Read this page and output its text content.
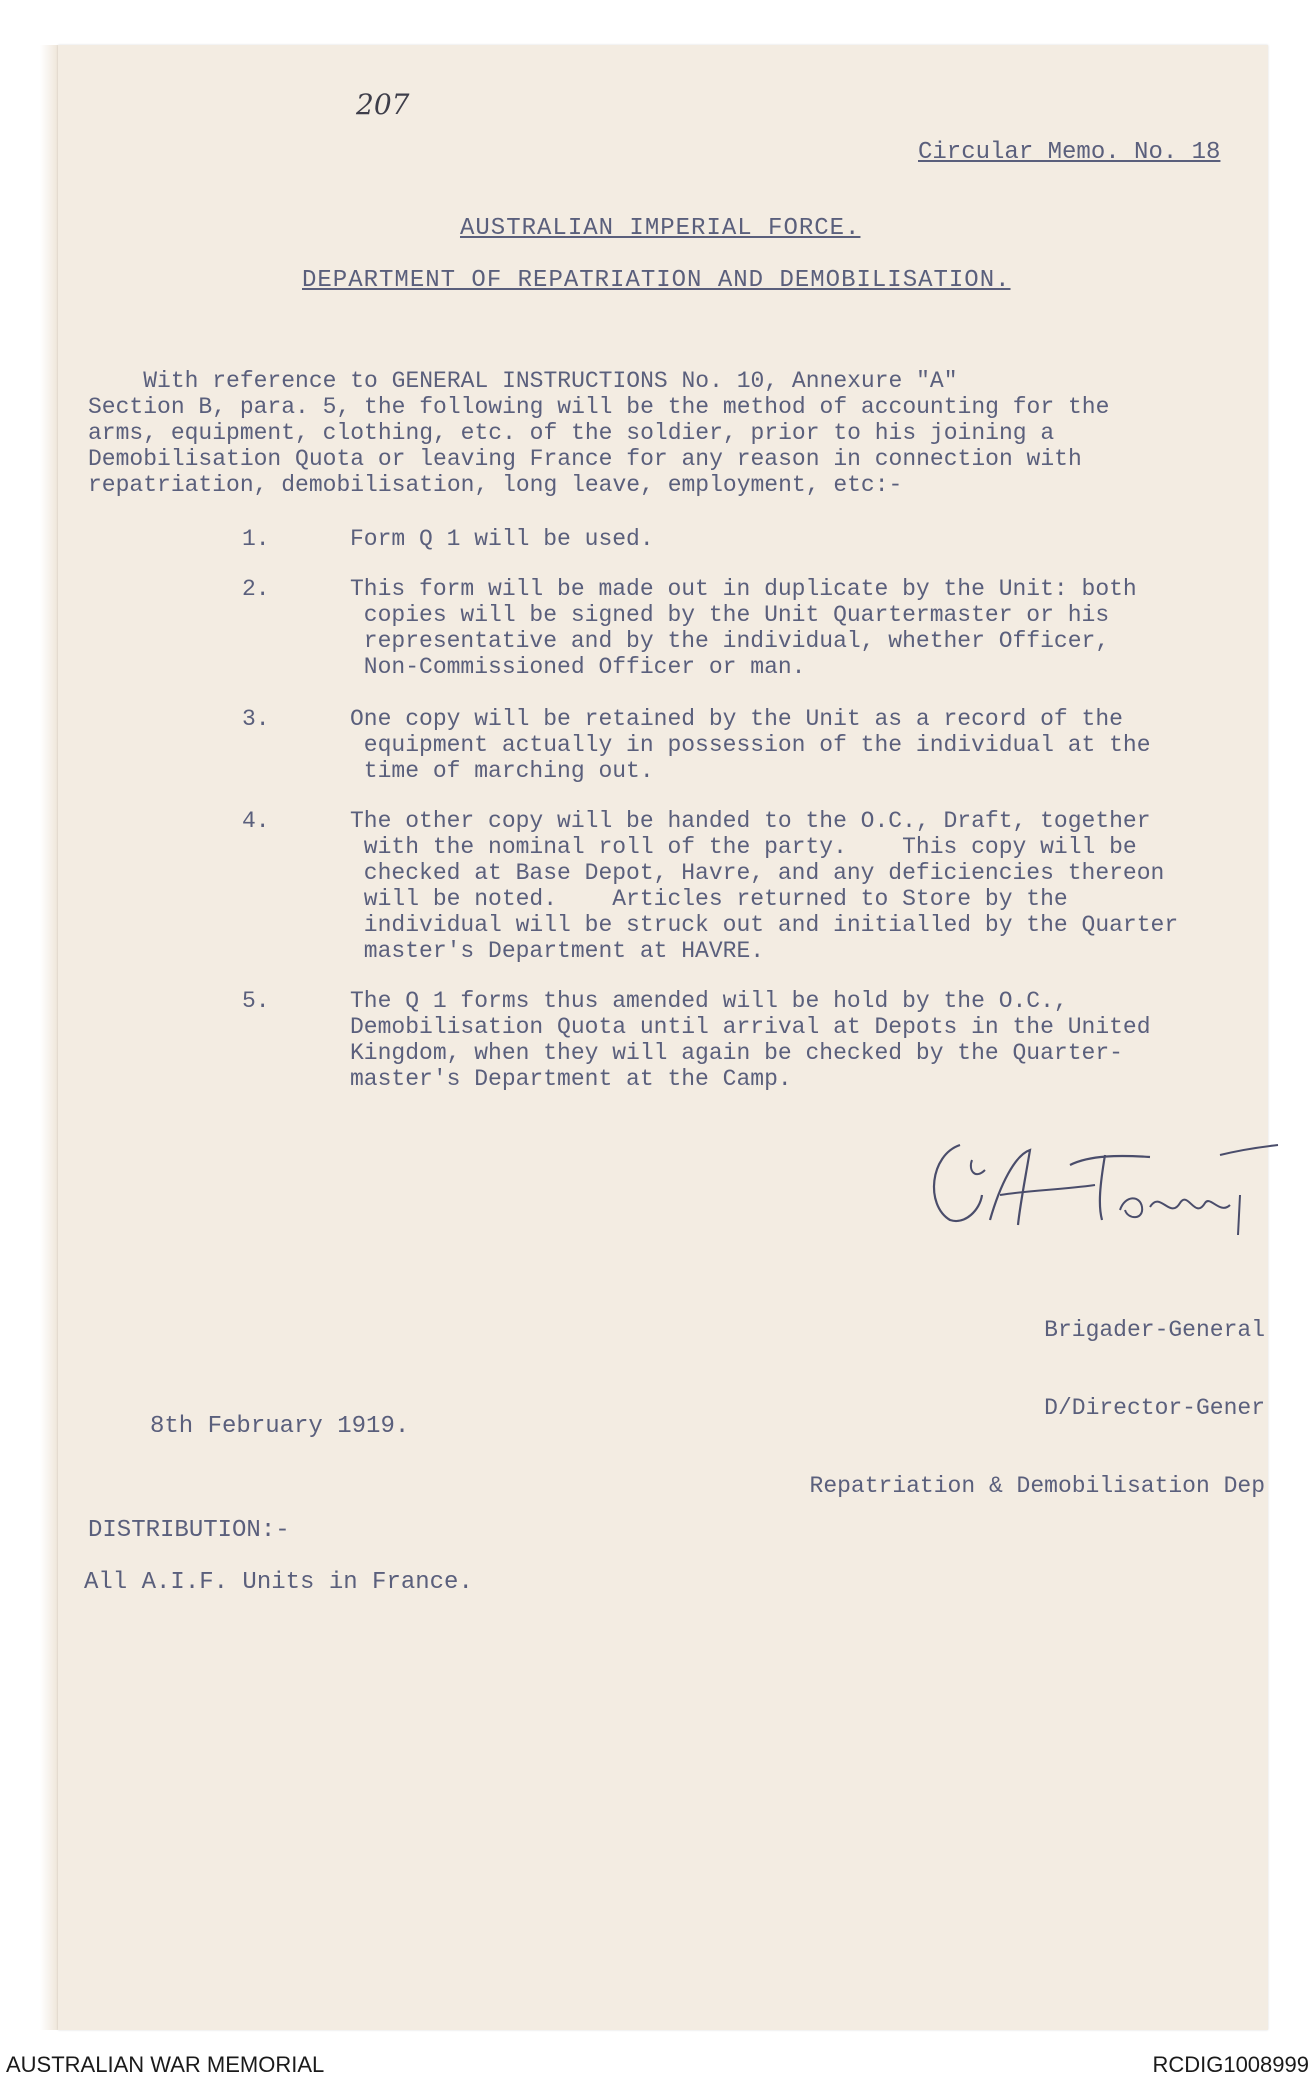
207
Circular Memo. No. 18
AUSTRALIAN IMPERIAL FORCE.
DEPARTMENT OF REPATRIATION AND DEMOBILISATION.
With reference to GENERAL INSTRUCTIONS No. 10, Annexure "A"
Section B, para. 5, the following will be the method of accounting for the
arms, equipment, clothing, etc. of the soldier, prior to his joining a
Demobilisation Quota or leaving France for any reason in connection with
repatriation, demobilisation, long leave, employment, etc:-
1.	Form Q 1 will be used.
2.	This form will be made out in duplicate by the Unit: both
copies will be signed by the Unit Quartermaster or his
representative and by the individual, whether Officer,
Non-Commissioned Officer or man.
3.	One copy will be retained by the Unit as a record of the
equipment actually in possession of the individual at the
time of marching out.
4.	The other copy will be handed to the O.C., Draft, together
with the nominal roll of the party.    This copy will be
checked at Base Depot, Havre, and any deficiencies thereon
will be noted.    Articles returned to Store by the
individual will be struck out and initialled by the Quarter
master's Department at HAVRE.
5.	The Q 1 forms thus amended will be hold by the O.C.,
Demobilisation Quota until arrival at Depots in the United
Kingdom, when they will again be checked by the Quarter-
master's Department at the Camp.

Brigader-General

D/Director-Gener

Repatriation & Demobilisation Dep

8th February 1919.
DISTRIBUTION:-
All A.I.F. Units in France.
AUSTRALIAN WAR MEMORIAL	RCDIG1008999
